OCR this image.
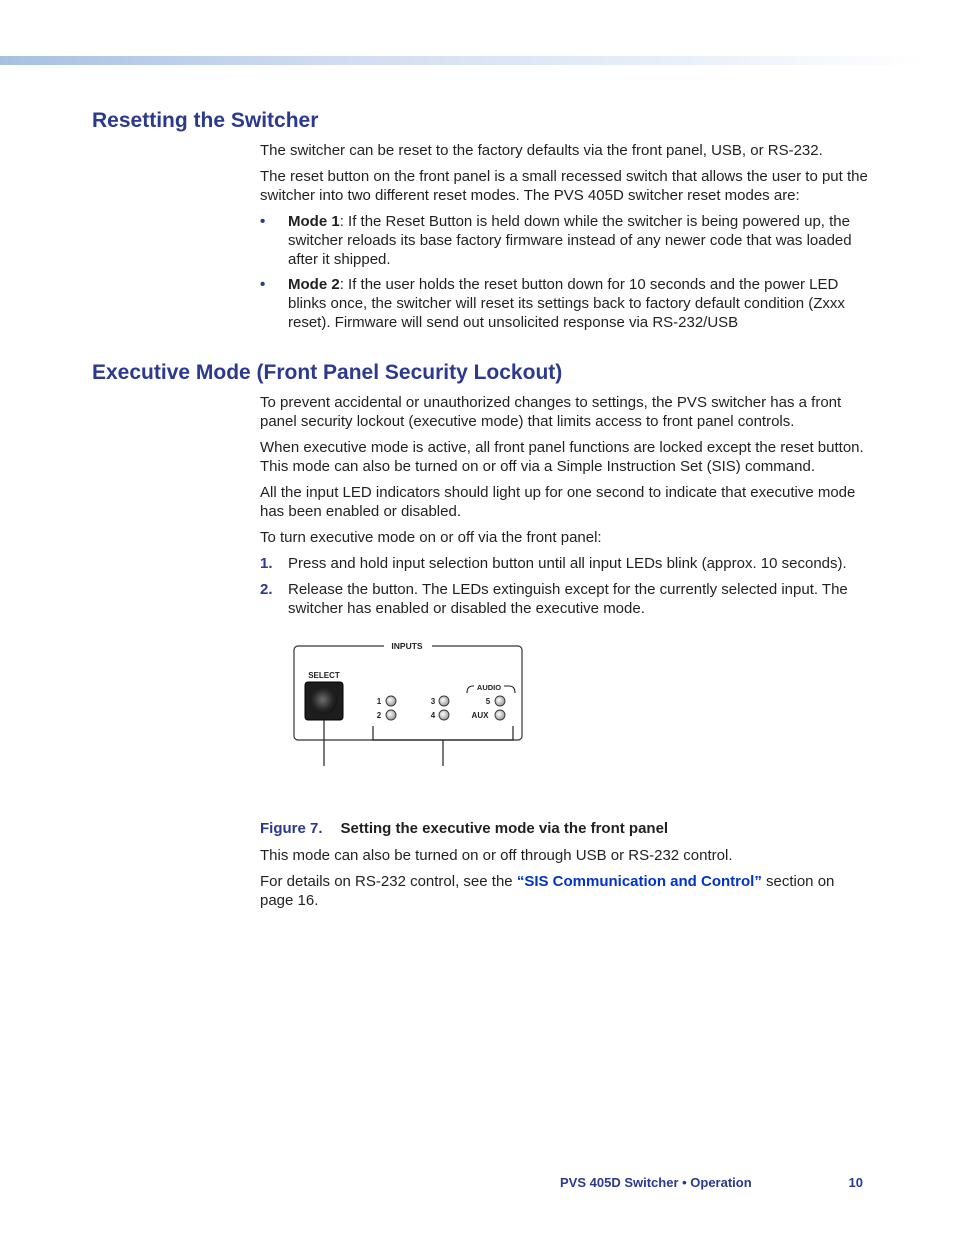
Resetting the Switcher

The switcher can be reset to the factory defaults via the front panel, USB, or RS-232.

The reset button on the front panel is a small recessed switch that allows the user to put the switcher into two different reset modes. The PVS 405D switcher reset modes are:

• Mode 1: If the Reset Button is held down while the switcher is being powered up, the switcher reloads its base factory firmware instead of any newer code that was loaded after it shipped.
• Mode 2: If the user holds the reset button down for 10 seconds and the power LED blinks once, the switcher will reset its settings back to factory default condition (Zxxx reset). Firmware will send out unsolicited response via RS-232/USB
Executive Mode (Front Panel Security Lockout)

To prevent accidental or unauthorized changes to settings, the PVS switcher has a front panel security lockout (executive mode) that limits access to front panel controls.

When executive mode is active, all front panel functions are locked except the reset button. This mode can also be turned on or off via a Simple Instruction Set (SIS) command.

All the input LED indicators should light up for one second to indicate that executive mode has been enabled or disabled.

To turn executive mode on or off via the front panel:

1. Press and hold input selection button until all input LEDs blink (approx. 10 seconds).
2. Release the button. The LEDs extinguish except for the currently selected input. The switcher has enabled or disabled the executive mode.
INPUTS
SELECT
1
2
3
4
AUDIO
5
AUX
Figure 7. Setting the executive mode via the front panel

This mode can also be turned on or off through USB or RS-232 control.

For details on RS-232 control, see the “SIS Communication and Control” section on page 16.

PVS 405D Switcher • Operation	10
